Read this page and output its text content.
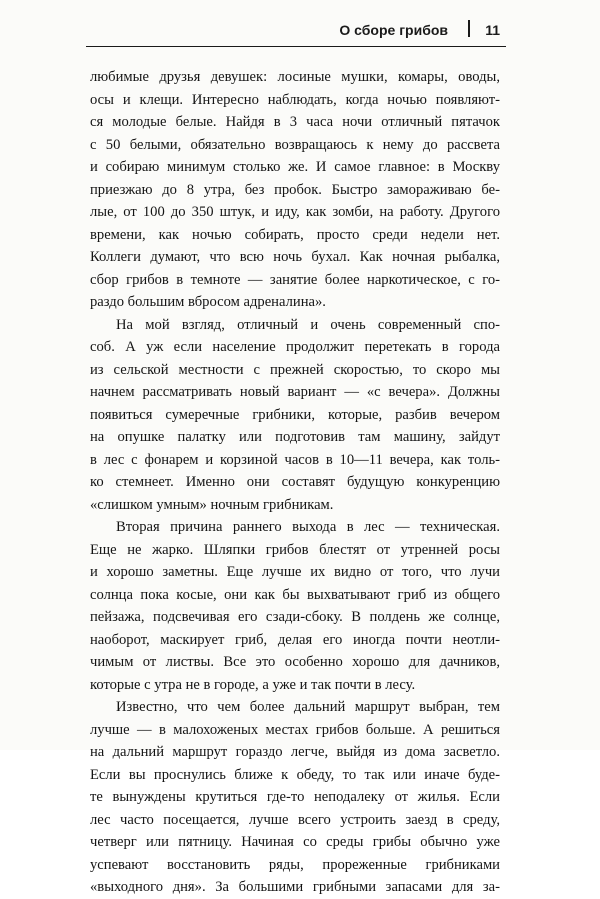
О сборе грибов	11
любимые друзья девушек: лосиные мушки, комары, оводы,
осы и клещи. Интересно наблюдать, когда ночью появляют-
ся молодые белые. Найдя в 3 часа ночи отличный пятачок
с 50 белыми, обязательно возвращаюсь к нему до рассвета
и собираю минимум столько же. И самое главное: в Москву
приезжаю до 8 утра, без пробок. Быстро замораживаю бе-
лые, от 100 до 350 штук, и иду, как зомби, на работу. Другого
времени, как ночью собирать, просто среди недели нет.
Коллеги думают, что всю ночь бухал. Как ночная рыбалка,
сбор грибов в темноте — занятие более наркотическое, с го-
раздо большим вбросом адреналина».
На мой взгляд, отличный и очень современный спо-
соб. А уж если население продолжит перетекать в города
из сельской местности с прежней скоростью, то скоро мы
начнем рассматривать новый вариант — «с вечера». Должны
появиться сумеречные грибники, которые, разбив вечером
на опушке палатку или подготовив там машину, зайдут
в лес с фонарем и корзиной часов в 10—11 вечера, как толь-
ко стемнеет. Именно они составят будущую конкуренцию
«слишком умным» ночным грибникам.
Вторая причина раннего выхода в лес — техническая.
Еще не жарко. Шляпки грибов блестят от утренней росы
и хорошо заметны. Еще лучше их видно от того, что лучи
солнца пока косые, они как бы выхватывают гриб из общего
пейзажа, подсвечивая его сзади-сбоку. В полдень же солнце,
наоборот, маскирует гриб, делая его иногда почти неотли-
чимым от листвы. Все это особенно хорошо для дачников,
которые с утра не в городе, а уже и так почти в лесу.
Известно, что чем более дальний маршрут выбран, тем
лучше — в малохоженых местах грибов больше. А решиться
на дальний маршрут гораздо легче, выйдя из дома засветло.
Если вы проснулись ближе к обеду, то так или иначе буде-
те вынуждены крутиться где-то неподалеку от жилья. Если
лес часто посещается, лучше всего устроить заезд в среду,
четверг или пятницу. Начиная со среды грибы обычно уже
успевают восстановить ряды, прореженные грибниками
«выходного дня». За большими грибными запасами для за-
